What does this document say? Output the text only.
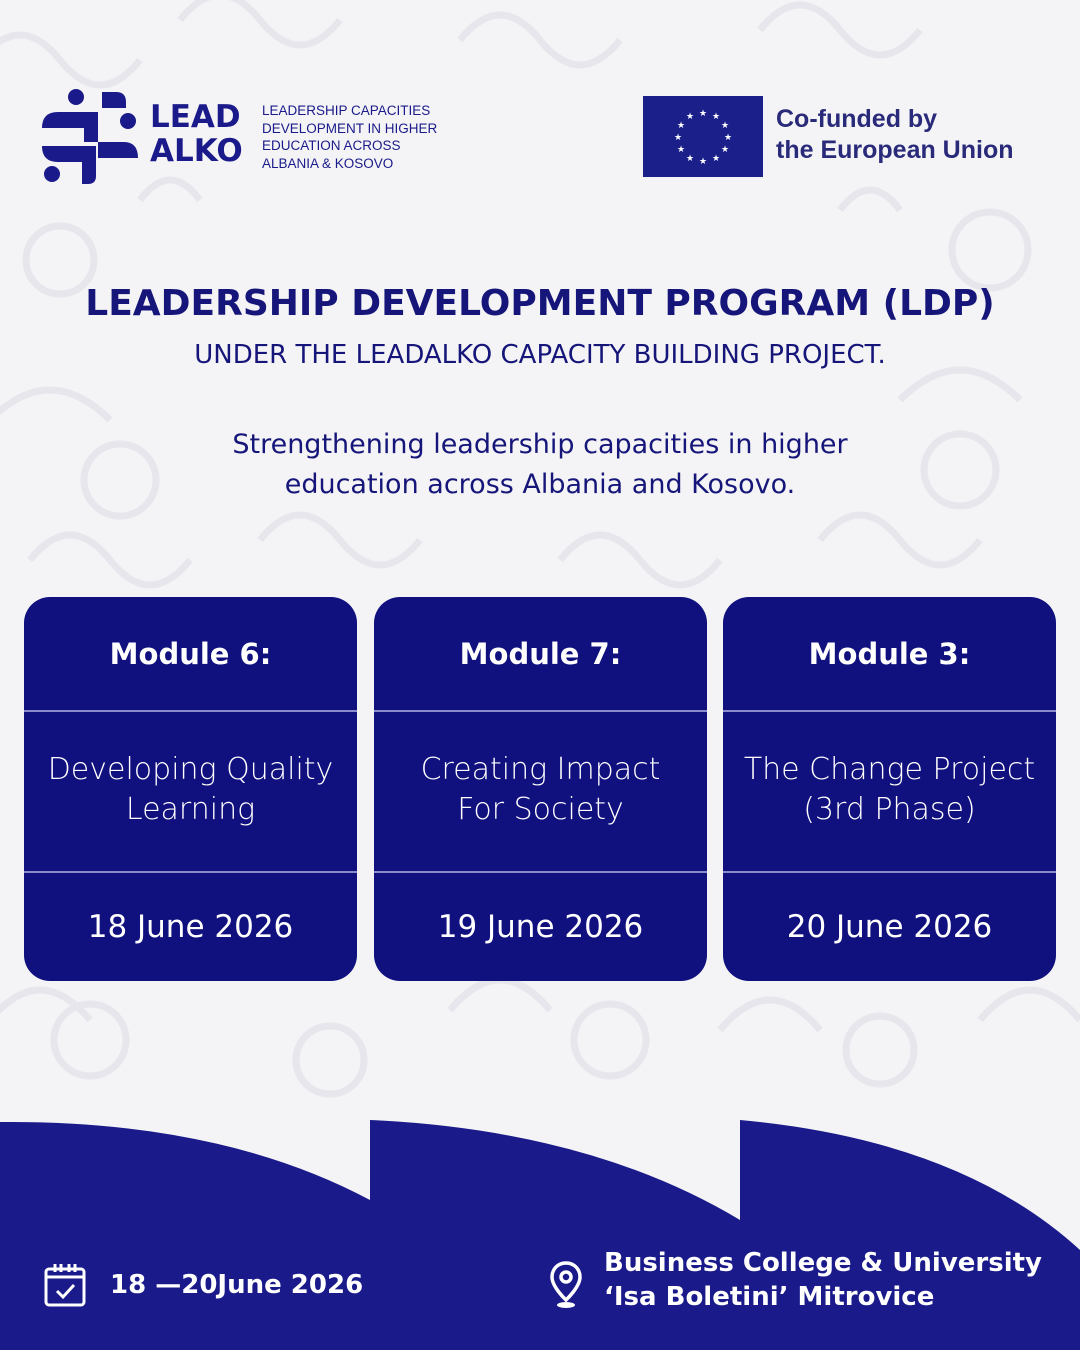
LEAD
ALKO
LEADERSHIP CAPACITIES
DEVELOPMENT IN HIGHER
EDUCATION ACROSS
ALBANIA & KOSOVO
★ ★
★
★
★
★
★
★
★
★
★
★	Co-funded by
the European Union
LEADERSHIP DEVELOPMENT PROGRAM (LDP)
UNDER THE LEADALKO CAPACITY BUILDING PROJECT.
Strengthening leadership capacities in higher
education across Albania and Kosovo.
Module 6:
Developing Quality
Learning
18 June 2026
Module 7:
Creating Impact
For Society
19 June 2026
Module 3:
The Change Project
(3rd Phase)
20 June 2026
18 —20June 2026
Business College & University
‘Isa Boletini’ Mitrovice
